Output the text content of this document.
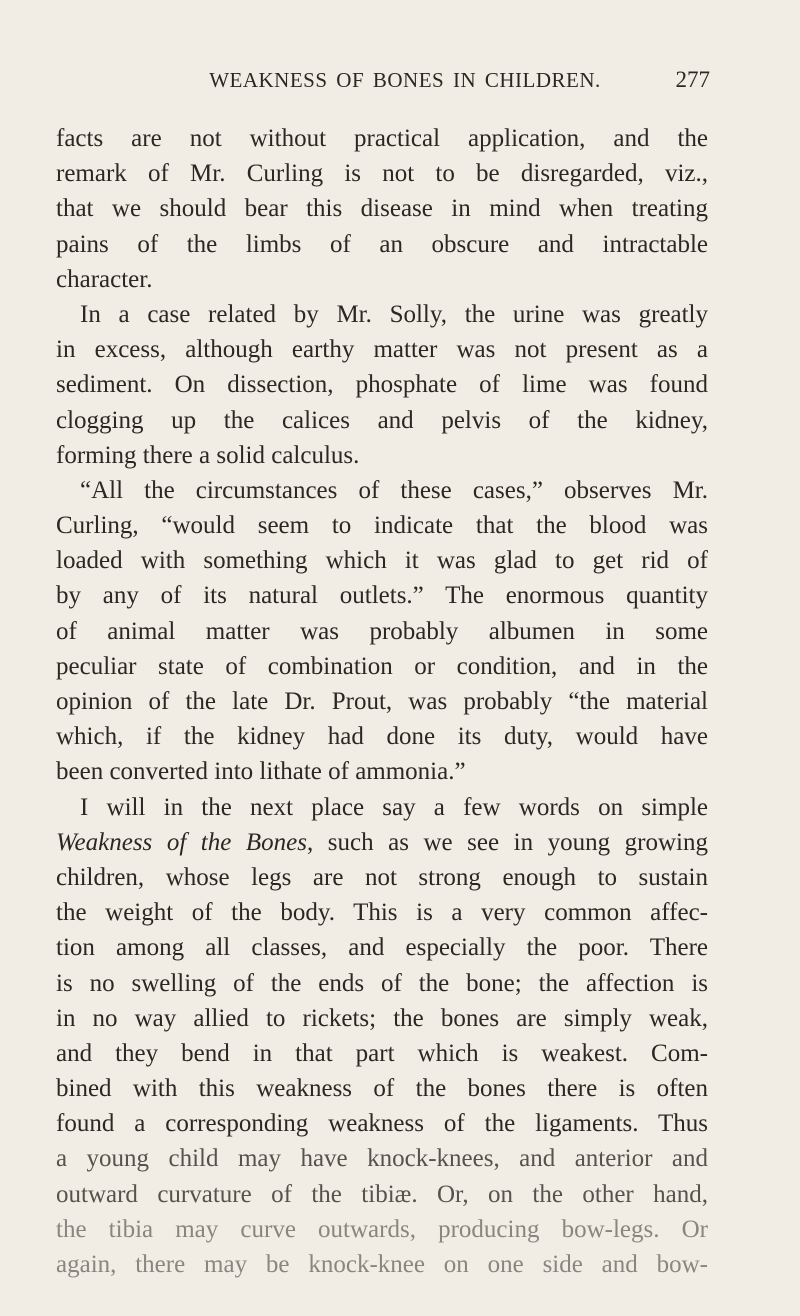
WEAKNESS OF BONES IN CHILDREN.	277
facts are not without practical application, and the
remark of Mr. Curling is not to be disregarded, viz.,
that we should bear this disease in mind when treating
pains of the limbs of an obscure and intractable
character.
In a case related by Mr. Solly, the urine was greatly
in excess, although earthy matter was not present as a
sediment. On dissection, phosphate of lime was found
clogging up the calices and pelvis of the kidney,
forming there a solid calculus.
“All the circumstances of these cases,” observes Mr.
Curling, “would seem to indicate that the blood was
loaded with something which it was glad to get rid of
by any of its natural outlets.” The enormous quantity
of animal matter was probably albumen in some
peculiar state of combination or condition, and in the
opinion of the late Dr. Prout, was probably “the material
which, if the kidney had done its duty, would have
been converted into lithate of ammonia.”
I will in the next place say a few words on simple
Weakness of the Bones, such as we see in young growing
children, whose legs are not strong enough to sustain
the weight of the body. This is a very common affec-
tion among all classes, and especially the poor. There
is no swelling of the ends of the bone; the affection is
in no way allied to rickets; the bones are simply weak,
and they bend in that part which is weakest. Com-
bined with this weakness of the bones there is often
found a corresponding weakness of the ligaments. Thus
a young child may have knock-knees, and anterior and
outward curvature of the tibiæ. Or, on the other hand,
the tibia may curve outwards, producing bow-legs. Or
again, there may be knock-knee on one side and bow-
